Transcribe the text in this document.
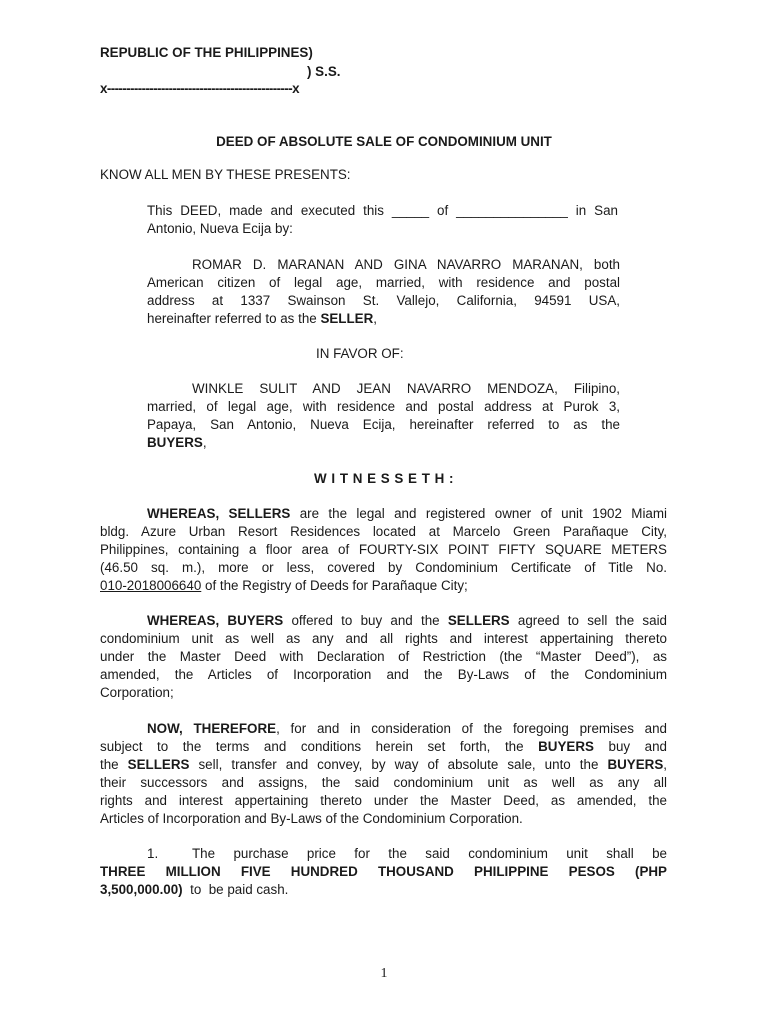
REPUBLIC OF THE PHILIPPINES)
) S.S.
x------------------------------------------------x
DEED OF ABSOLUTE SALE OF CONDOMINIUM UNIT
KNOW ALL MEN BY THESE PRESENTS:
This DEED, made and executed this _____ of _______________ in San
Antonio, Nueva Ecija by:
ROMAR D. MARANAN AND GINA NAVARRO MARANAN, both
American citizen of legal age, married, with residence and postal
address at 1337 Swainson St. Vallejo, California, 94591 USA,
hereinafter referred to as the SELLER,
IN FAVOR OF:
WINKLE SULIT AND JEAN NAVARRO MENDOZA, Filipino,
married, of legal age, with residence and postal address at Purok 3,
Papaya, San Antonio, Nueva Ecija, hereinafter referred to as the
BUYERS,
W I T N E S S E T H :
WHEREAS, SELLERS are the legal and registered owner of unit 1902 Miami
bldg. Azure Urban Resort Residences located at Marcelo Green Parañaque City,
Philippines, containing a floor area of FOURTY-SIX POINT FIFTY SQUARE METERS
(46.50 sq. m.), more or less, covered by Condominium Certificate of Title No.
010-2018006640 of the Registry of Deeds for Parañaque City;
WHEREAS, BUYERS offered to buy and the SELLERS agreed to sell the said
condominium unit as well as any and all rights and interest appertaining thereto
under the Master Deed with Declaration of Restriction (the “Master Deed”), as
amended, the Articles of Incorporation and the By-Laws of the Condominium
Corporation;
NOW, THEREFORE, for and in consideration of the foregoing premises and
subject to the terms and conditions herein set forth, the BUYERS buy and
the SELLERS sell, transfer and convey, by way of absolute sale, unto the BUYERS,
their successors and assigns, the said condominium unit as well as any all
rights and interest appertaining thereto under the Master Deed, as amended, the
Articles of Incorporation and By-Laws of the Condominium Corporation.
1.	The purchase price for the said condominium unit shall be
THREE MILLION FIVE HUNDRED THOUSAND PHILIPPINE PESOS (PHP
3,500,000.00)  to  be paid cash.
1
